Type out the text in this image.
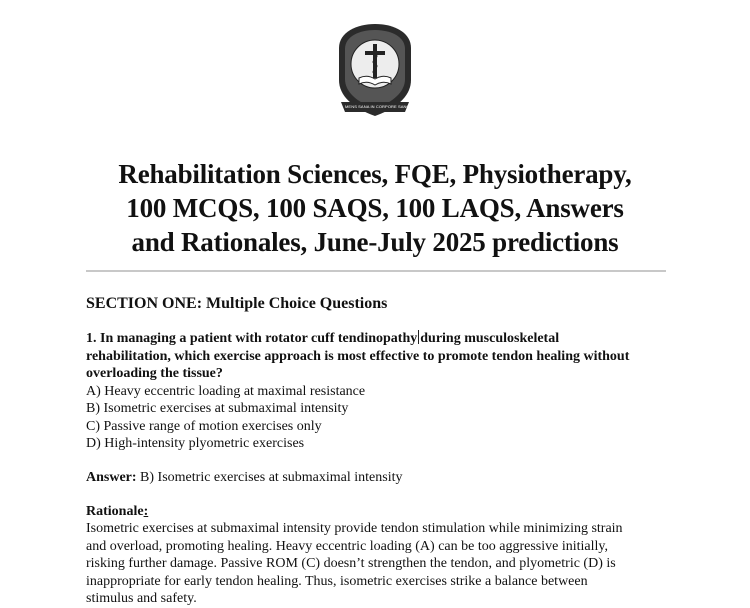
MENS SANA IN CORPORE SANO
Rehabilitation Sciences, FQE, Physiotherapy,
100 MCQS, 100 SAQS, 100 LAQS, Answers
and Rationales, June-July 2025 predictions
SECTION ONE: Multiple Choice Questions
1. In managing a patient with rotator cuff tendinopathy during musculoskeletal
rehabilitation, which exercise approach is most effective to promote tendon healing without
overloading the tissue?
A) Heavy eccentric loading at maximal resistance
B) Isometric exercises at submaximal intensity
C) Passive range of motion exercises only
D) High-intensity plyometric exercises
Answer: B) Isometric exercises at submaximal intensity
Rationale:
Isometric exercises at submaximal intensity provide tendon stimulation while minimizing strain
and overload, promoting healing. Heavy eccentric loading (A) can be too aggressive initially,
risking further damage. Passive ROM (C) doesn’t strengthen the tendon, and plyometric (D) is
inappropriate for early tendon healing. Thus, isometric exercises strike a balance between
stimulus and safety.
